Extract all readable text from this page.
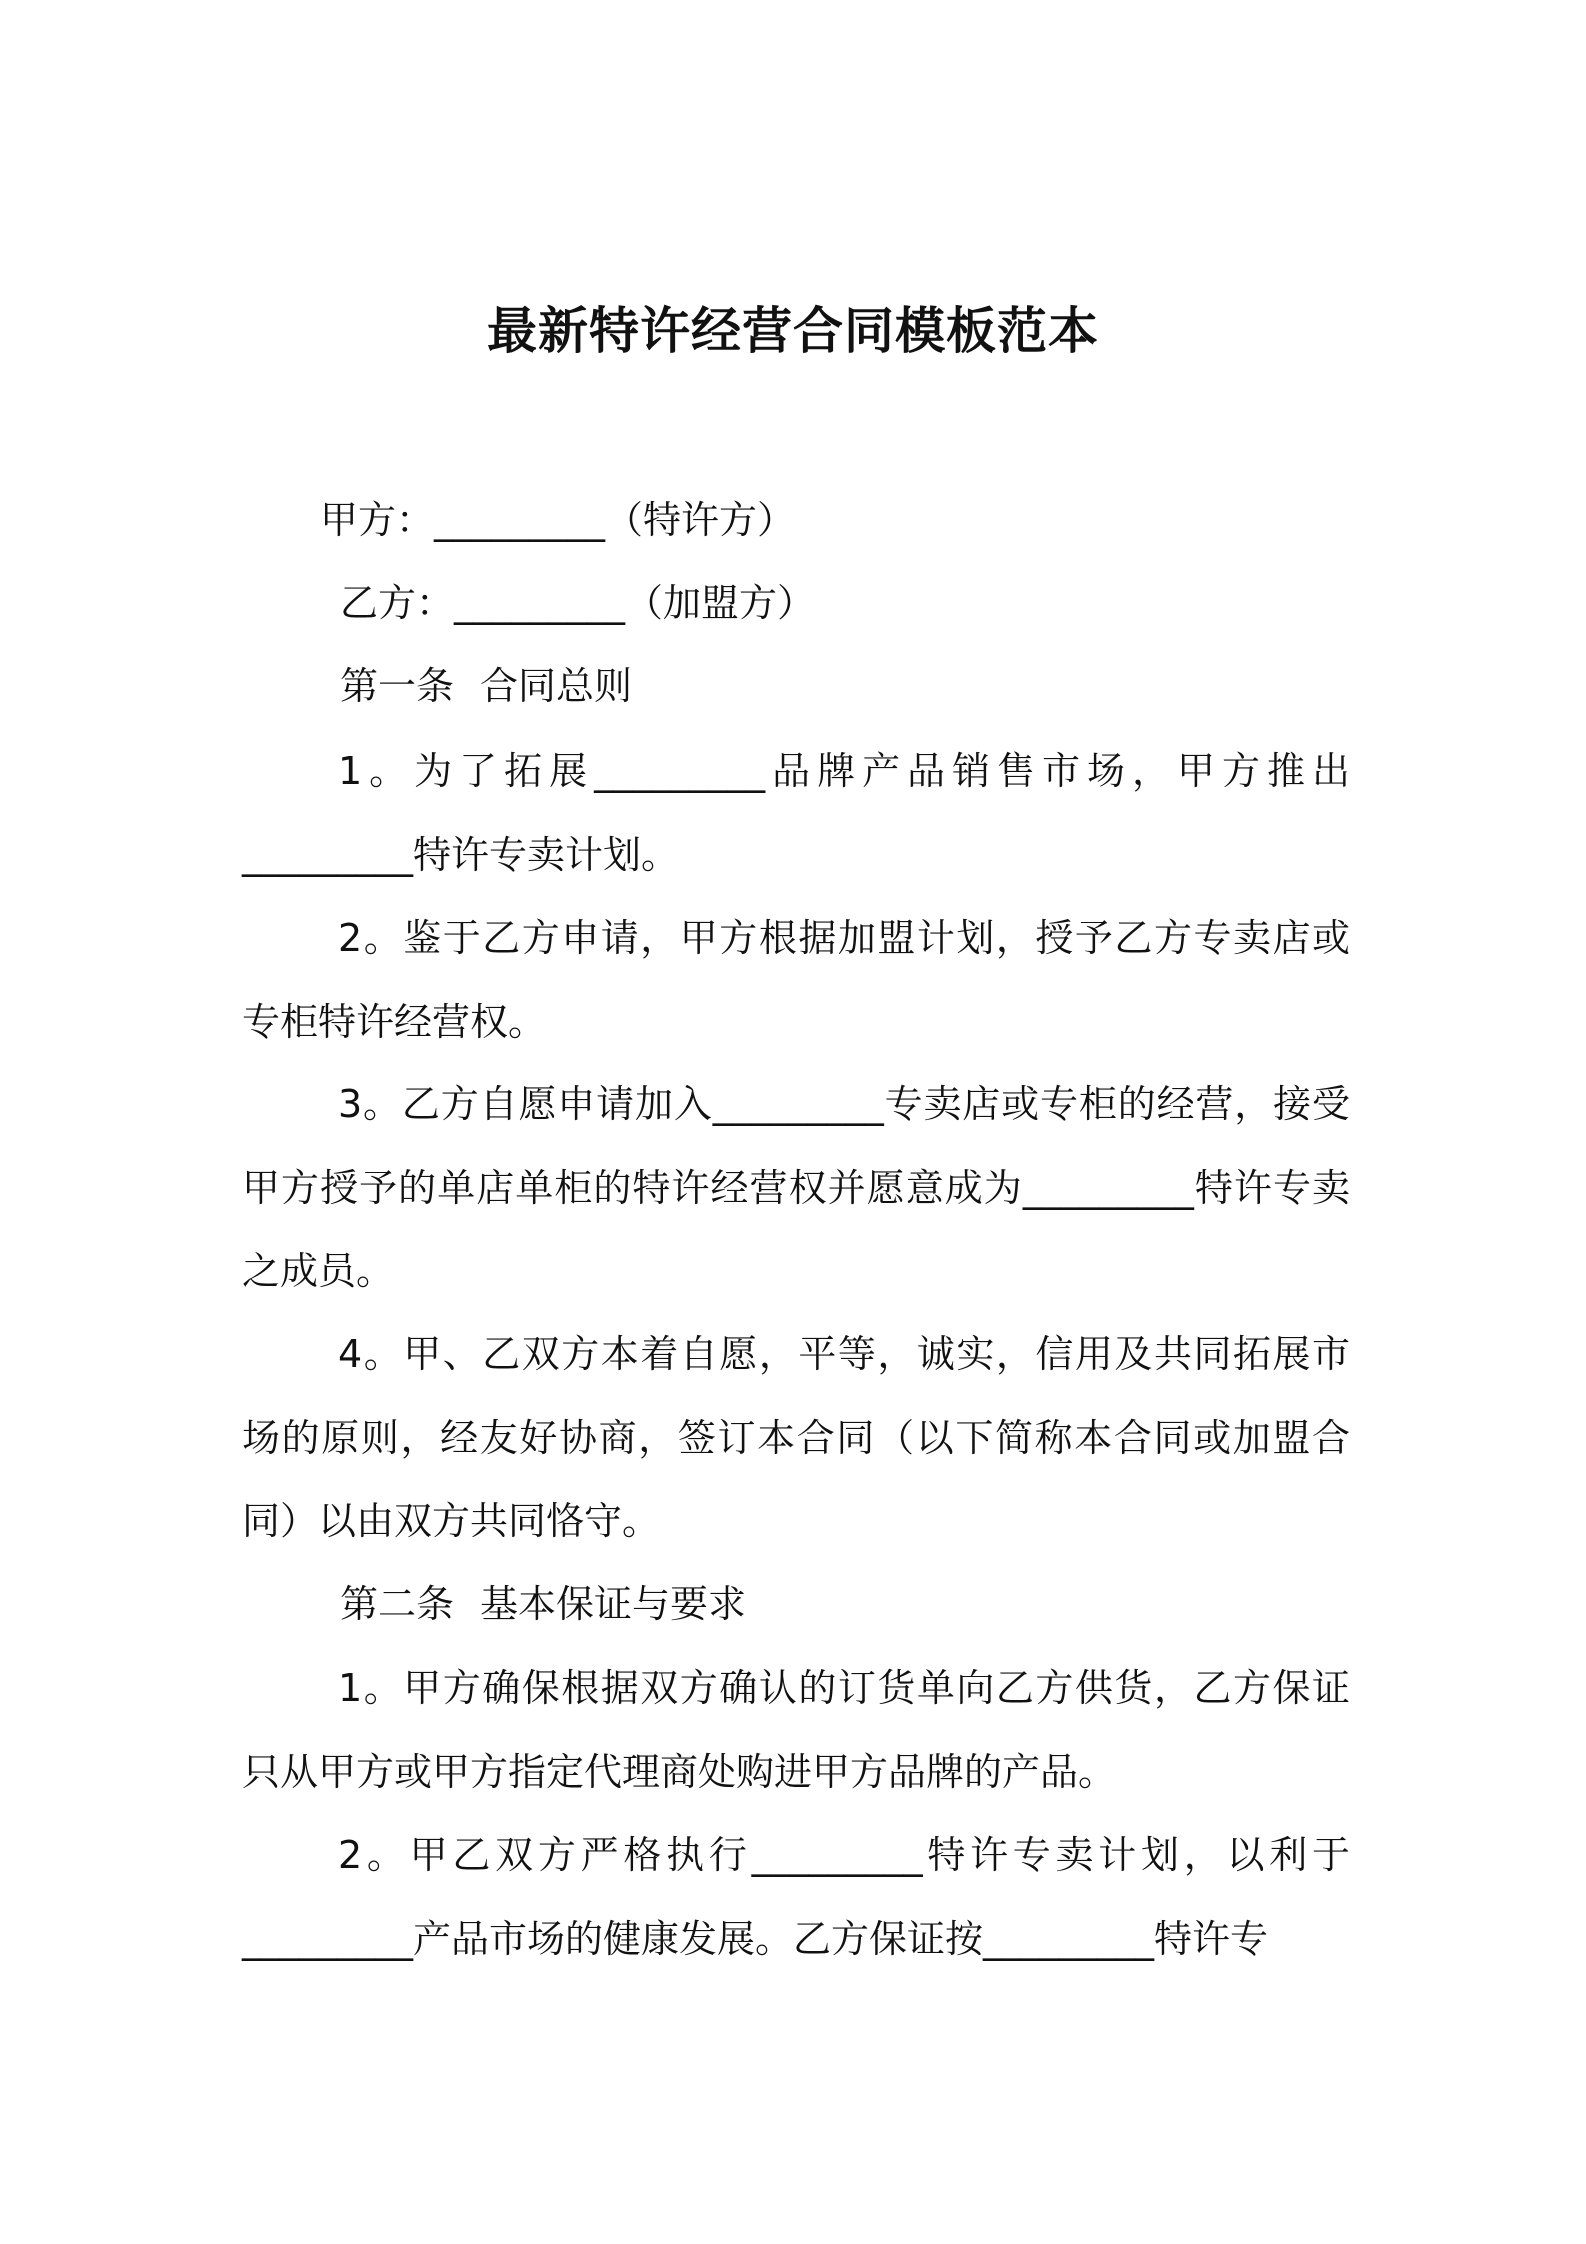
最新特许经营合同模板范本
甲方：_________（特许方）
乙方：_________（加盟方）
第一条 合同总则

1。为了拓展_________品牌产品销售市场，甲方推出_________特许专卖计划。

2。鉴于乙方申请，甲方根据加盟计划，授予乙方专卖店或专柜特许经营权。

3。乙方自愿申请加入_________专卖店或专柜的经营，接受甲方授予的单店单柜的特许经营权并愿意成为_________特许专卖之成员。

4。甲、乙双方本着自愿，平等，诚实，信用及共同拓展市场的原则，经友好协商，签订本合同（以下简称本合同或加盟合同）以由双方共同恪守。

第二条 基本保证与要求

1。甲方确保根据双方确认的订货单向乙方供货，乙方保证只从甲方或甲方指定代理商处购进甲方品牌的产品。

2。甲乙双方严格执行_________特许专卖计划，以利于_________产品市场的健康发展。乙方保证按_________特许专
